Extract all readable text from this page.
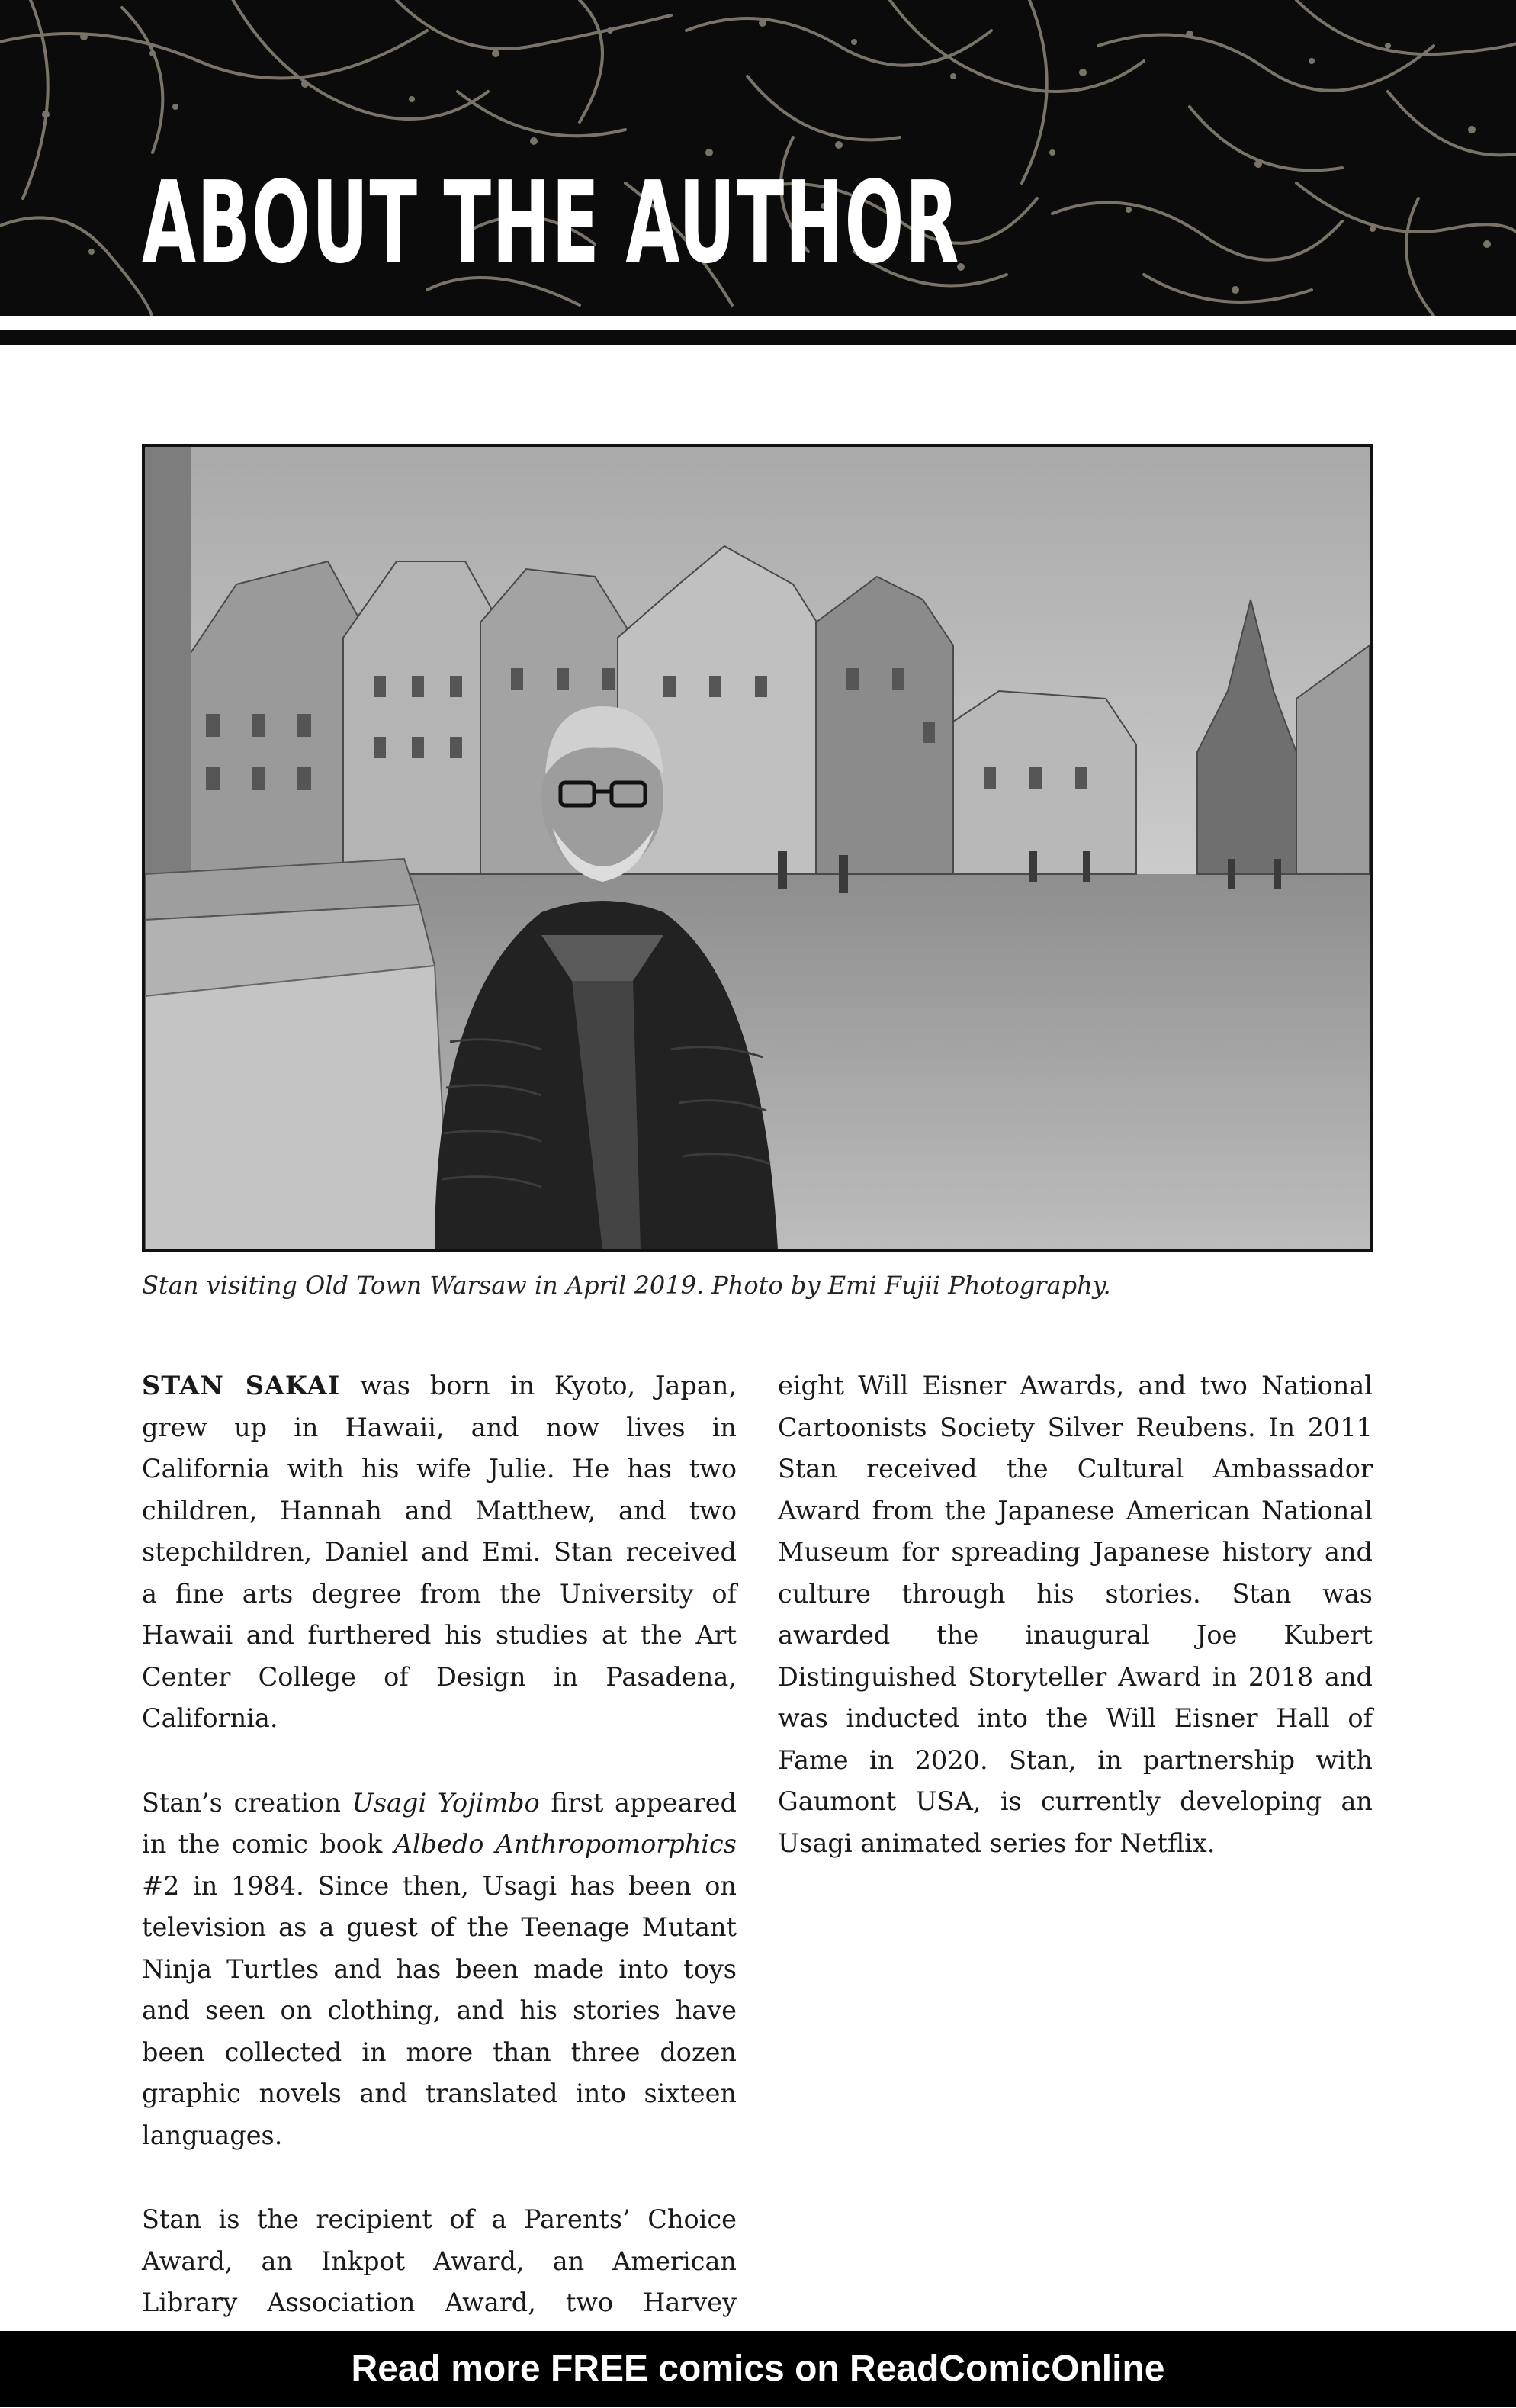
ABOUT THE AUTHOR
Stan visiting Old Town Warsaw in April 2019. Photo by Emi Fujii Photography.

STAN SAKAI was born in Kyoto, Japan, grew up in Hawaii, and now lives in California with his wife Julie. He has two children, Hannah and Matthew, and two stepchildren, Daniel and Emi. Stan received a fine arts degree from the University of Hawaii and furthered his studies at the Art Center College of Design in Pasadena, California.

Stan’s creation Usagi Yojimbo first appeared in the comic book Albedo Anthropomorphics #2 in 1984. Since then, Usagi has been on television as a guest of the Teenage Mutant Ninja Turtles and has been made into toys and seen on clothing, and his stories have been collected in more than three dozen graphic novels and translated into sixteen languages.

Stan is the recipient of a Parents’ Choice Award, an Inkpot Award, an American Library Association Award, two Harvey

eight Will Eisner Awards, and two National Cartoonists Society Silver Reubens. In 2011 Stan received the Cultural Ambassador Award from the Japanese American National Museum for spreading Japanese history and culture through his stories. Stan was awarded the inaugural Joe Kubert Distinguished Storyteller Award in 2018 and was inducted into the Will Eisner Hall of Fame in 2020. Stan, in partnership with Gaumont USA, is currently developing an Usagi animated series for Netflix.

Read more FREE comics on ReadComicOnline
